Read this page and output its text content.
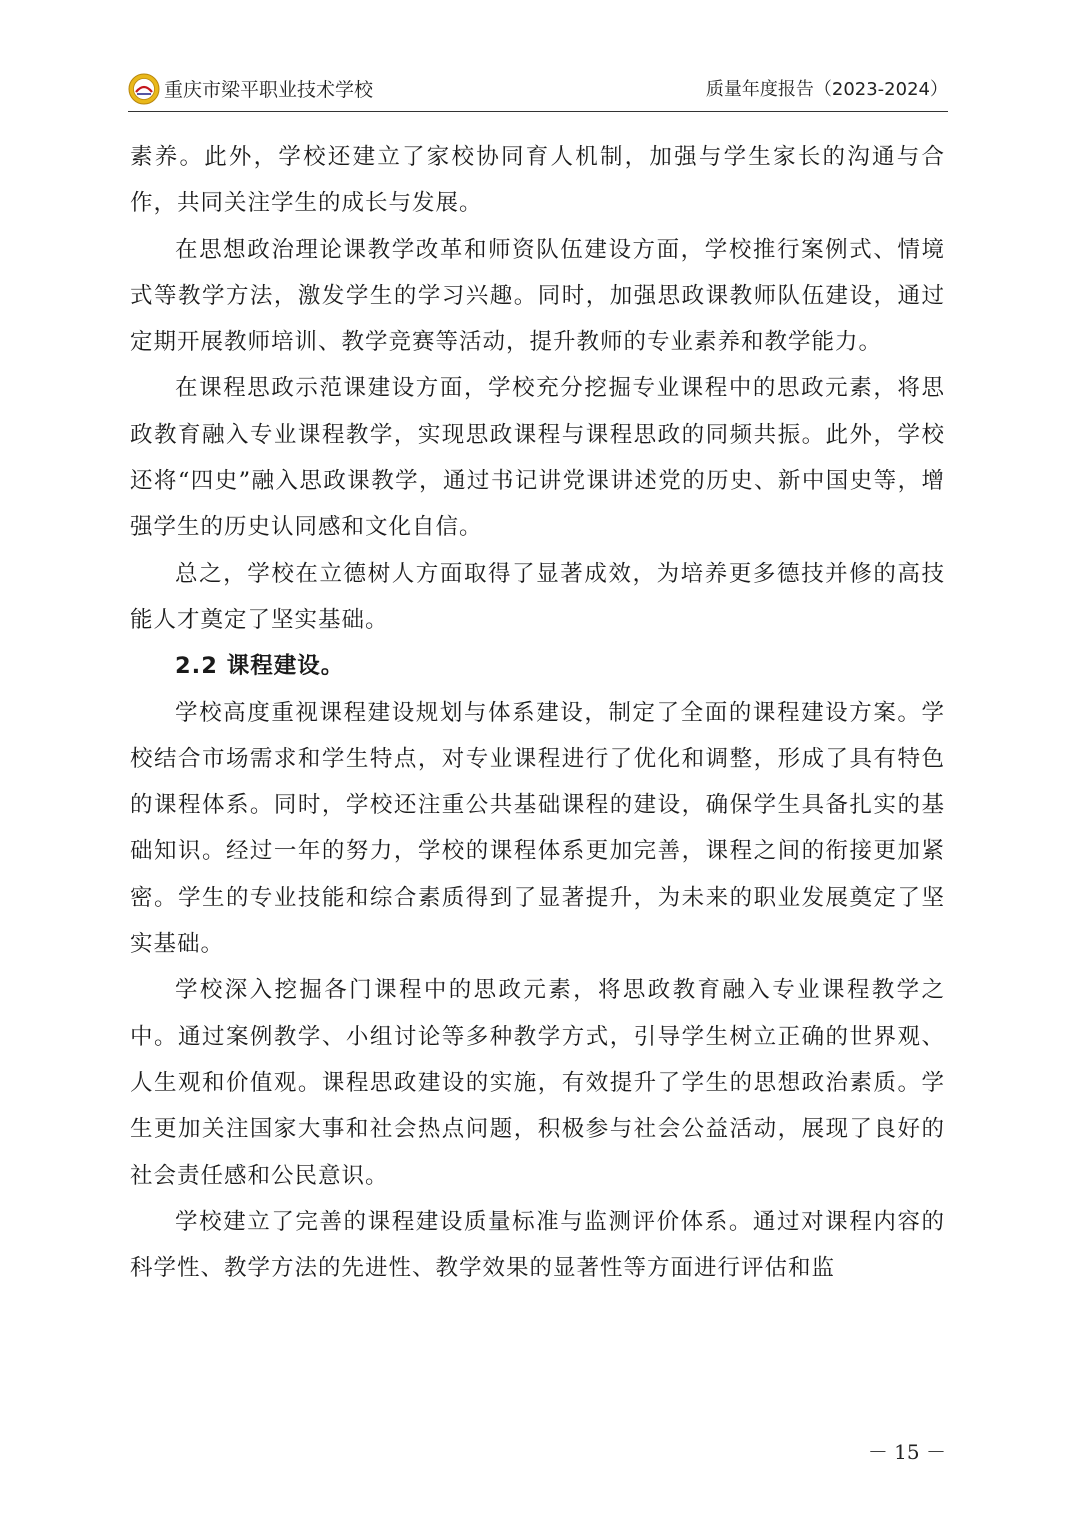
重庆市梁平职业技术学校	质量年度报告（2023-2024）

素养。此外，学校还建立了家校协同育人机制，加强与学生家长的沟通与合作，共同关注学生的成长与发展。

在思想政治理论课教学改革和师资队伍建设方面，学校推行案例式、情境式等教学方法，激发学生的学习兴趣。同时，加强思政课教师队伍建设，通过定期开展教师培训、教学竞赛等活动，提升教师的专业素养和教学能力。

在课程思政示范课建设方面，学校充分挖掘专业课程中的思政元素，将思政教育融入专业课程教学，实现思政课程与课程思政的同频共振。此外，学校还将“四史”融入思政课教学，通过书记讲党课讲述党的历史、新中国史等，增强学生的历史认同感和文化自信。

总之，学校在立德树人方面取得了显著成效，为培养更多德技并修的高技能人才奠定了坚实基础。

2.2 课程建设。

学校高度重视课程建设规划与体系建设，制定了全面的课程建设方案。学校结合市场需求和学生特点，对专业课程进行了优化和调整，形成了具有特色的课程体系。同时，学校还注重公共基础课程的建设，确保学生具备扎实的基础知识。经过一年的努力，学校的课程体系更加完善，课程之间的衔接更加紧密。学生的专业技能和综合素质得到了显著提升，为未来的职业发展奠定了坚实基础。

学校深入挖掘各门课程中的思政元素，将思政教育融入专业课程教学之中。通过案例教学、小组讨论等多种教学方式，引导学生树立正确的世界观、人生观和价值观。课程思政建设的实施，有效提升了学生的思想政治素质。学生更加关注国家大事和社会热点问题，积极参与社会公益活动，展现了良好的社会责任感和公民意识。

学校建立了完善的课程建设质量标准与监测评价体系。通过对课程内容的科学性、教学方法的先进性、教学效果的显著性等方面进行评估和监

－ 15 －
